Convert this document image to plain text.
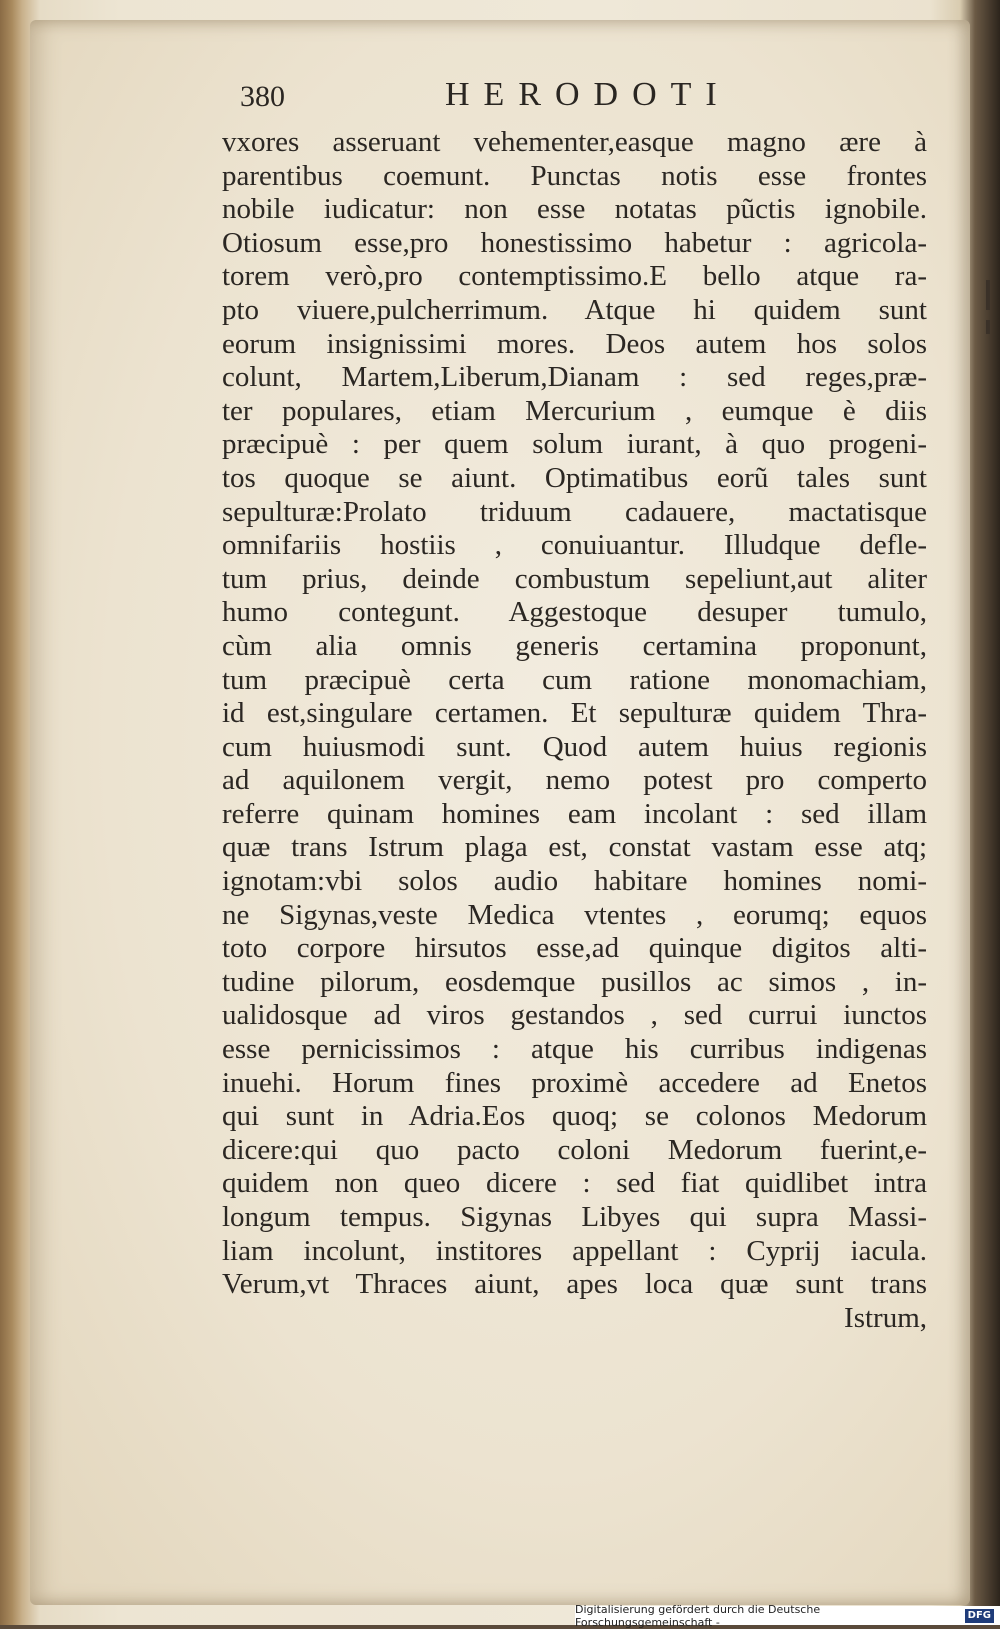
380	HERODOTI
vxores asseruant vehementer,easque magno ære à
parentibus coemunt. Punctas notis esse frontes
nobile iudicatur: non esse notatas pũctis ignobile.
Otiosum esse,pro honestissimo habetur : agricola-
torem verò,pro contemptissimo.E bello atque ra-
pto viuere,pulcherrimum. Atque hi quidem sunt
eorum insignissimi mores. Deos autem hos solos
colunt, Martem,Liberum,Dianam : sed reges,præ-
ter populares, etiam Mercurium , eumque è diis
præcipuè : per quem solum iurant, à quo progeni-
tos quoque se aiunt. Optimatibus eorũ tales sunt
sepulturæ:Prolato triduum cadauere, mactatisque
omnifariis hostiis , conuiuantur. Illudque defle-
tum prius, deinde combustum sepeliunt,aut aliter
humo contegunt. Aggestoque desuper tumulo,
cùm alia omnis generis certamina proponunt,
tum præcipuè certa cum ratione monomachiam,
id est,singulare certamen. Et sepulturæ quidem Thra-
cum huiusmodi sunt. Quod autem huius regionis
ad aquilonem vergit, nemo potest pro comperto
referre quinam homines eam incolant : sed illam
quæ trans Istrum plaga est, constat vastam esse atq;
ignotam:vbi solos audio habitare homines nomi-
ne Sigynas,veste Medica vtentes , eorumq; equos
toto corpore hirsutos esse,ad quinque digitos alti-
tudine pilorum, eosdemque pusillos ac simos , in-
ualidosque ad viros gestandos , sed currui iunctos
esse pernicissimos : atque his curribus indigenas
inuehi. Horum fines proximè accedere ad Enetos
qui sunt in Adria.Eos quoq; se colonos Medorum
dicere:qui quo pacto coloni Medorum fuerint,e-
quidem non queo dicere : sed fiat quidlibet intra
longum tempus. Sigynas Libyes qui supra Massi-
liam incolunt, institores appellant : Cyprij iacula.
Verum,vt Thraces aiunt, apes loca quæ sunt trans
Istrum,
Digitalisierung gefördert durch die Deutsche Forschungsgemeinschaft -
DFG
